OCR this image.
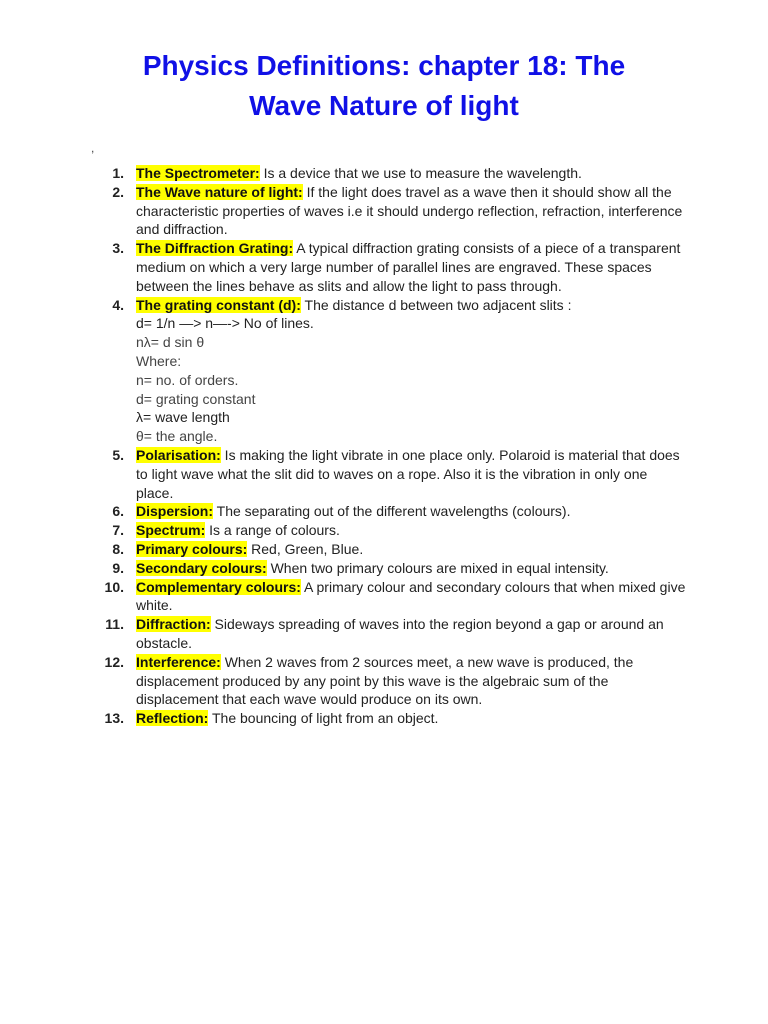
Physics Definitions: chapter 18: The
Wave Nature of light
,
1. The Spectrometer: Is a device that we use to measure the wavelength.
2. The Wave nature of light: If the light does travel as a wave then it should show all the characteristic properties of waves i.e it should undergo reflection, refraction, interference and diffraction.
3. The Diffraction Grating: A typical diffraction grating consists of a piece of a transparent medium on which a very large number of parallel lines are engraved. These spaces between the lines behave as slits and allow the light to pass through.
4. The grating constant (d): The distance d between two adjacent slits :
d= 1/n —> n—-> No of lines.
nλ= d sin θ
Where:
n= no. of orders.
d= grating constant
λ= wave length
θ= the angle.
5. Polarisation: Is making the light vibrate in one place only. Polaroid is material that does to light wave what the slit did to waves on a rope. Also it is the vibration in only one place.
6. Dispersion: The separating out of the different wavelengths (colours).
7. Spectrum: Is a range of colours.
8. Primary colours: Red, Green, Blue.
9. Secondary colours: When two primary colours are mixed in equal intensity.
10. Complementary colours: A primary colour and secondary colours that when mixed give white.
11. Diffraction: Sideways spreading of waves into the region beyond a gap or around an obstacle.
12. Interference: When 2 waves from 2 sources meet, a new wave is produced, the displacement produced by any point by this wave is the algebraic sum of the displacement that each wave would produce on its own.
13. Reflection: The bouncing of light from an object.
